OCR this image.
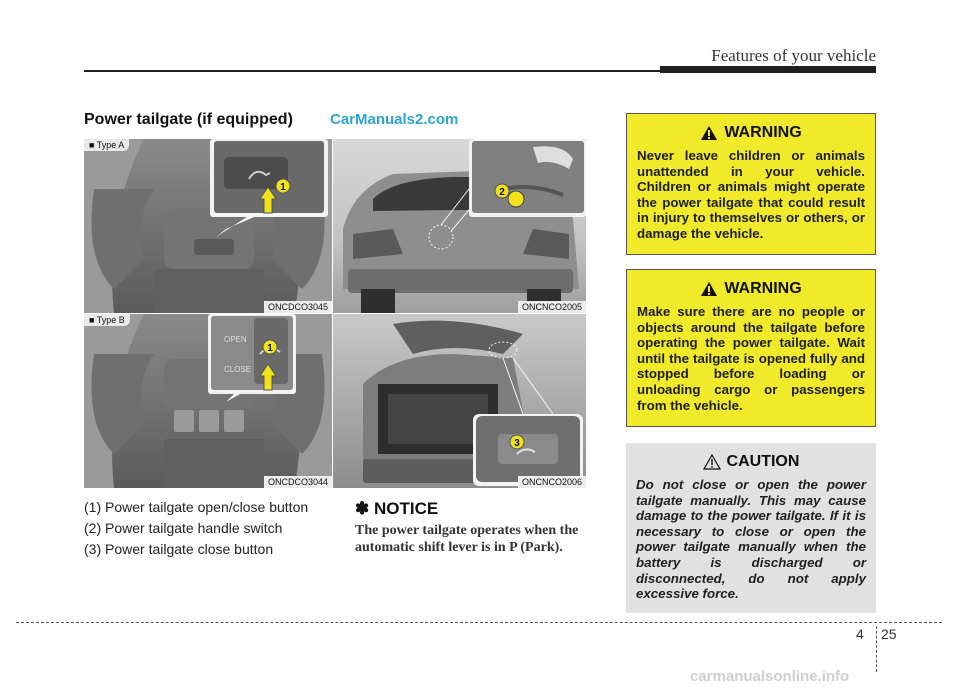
Features of your vehicle
Power tailgate (if equipped) CarManuals2.com
1
■ Type A
ONCDCO3045
2
ONCNCO2005
OPEN
CLOSE
1
■ Type B
ONCDCO3044
3
ONCNCO2006
(1) Power tailgate open/close button
(2) Power tailgate handle switch
(3) Power tailgate close button
✽ NOTICE
The power tailgate operates when the automatic shift lever is in P (Park).
WARNING
Never leave children or animals unattended in your vehicle. Children or animals might operate the power tailgate that could result in injury to themselves or others, or damage the vehicle.
WARNING
Make sure there are no people or objects around the tailgate before operating the power tailgate. Wait until the tailgate is opened fully and stopped before loading or unloading cargo or passengers from the vehicle.
CAUTION
Do not close or open the power tailgate manually. This may cause damage to the power tailgate. If it is necessary to close or open the power tailgate manually when the battery is discharged or disconnected, do not apply excessive force.
4 25
carmanualsonline.info
